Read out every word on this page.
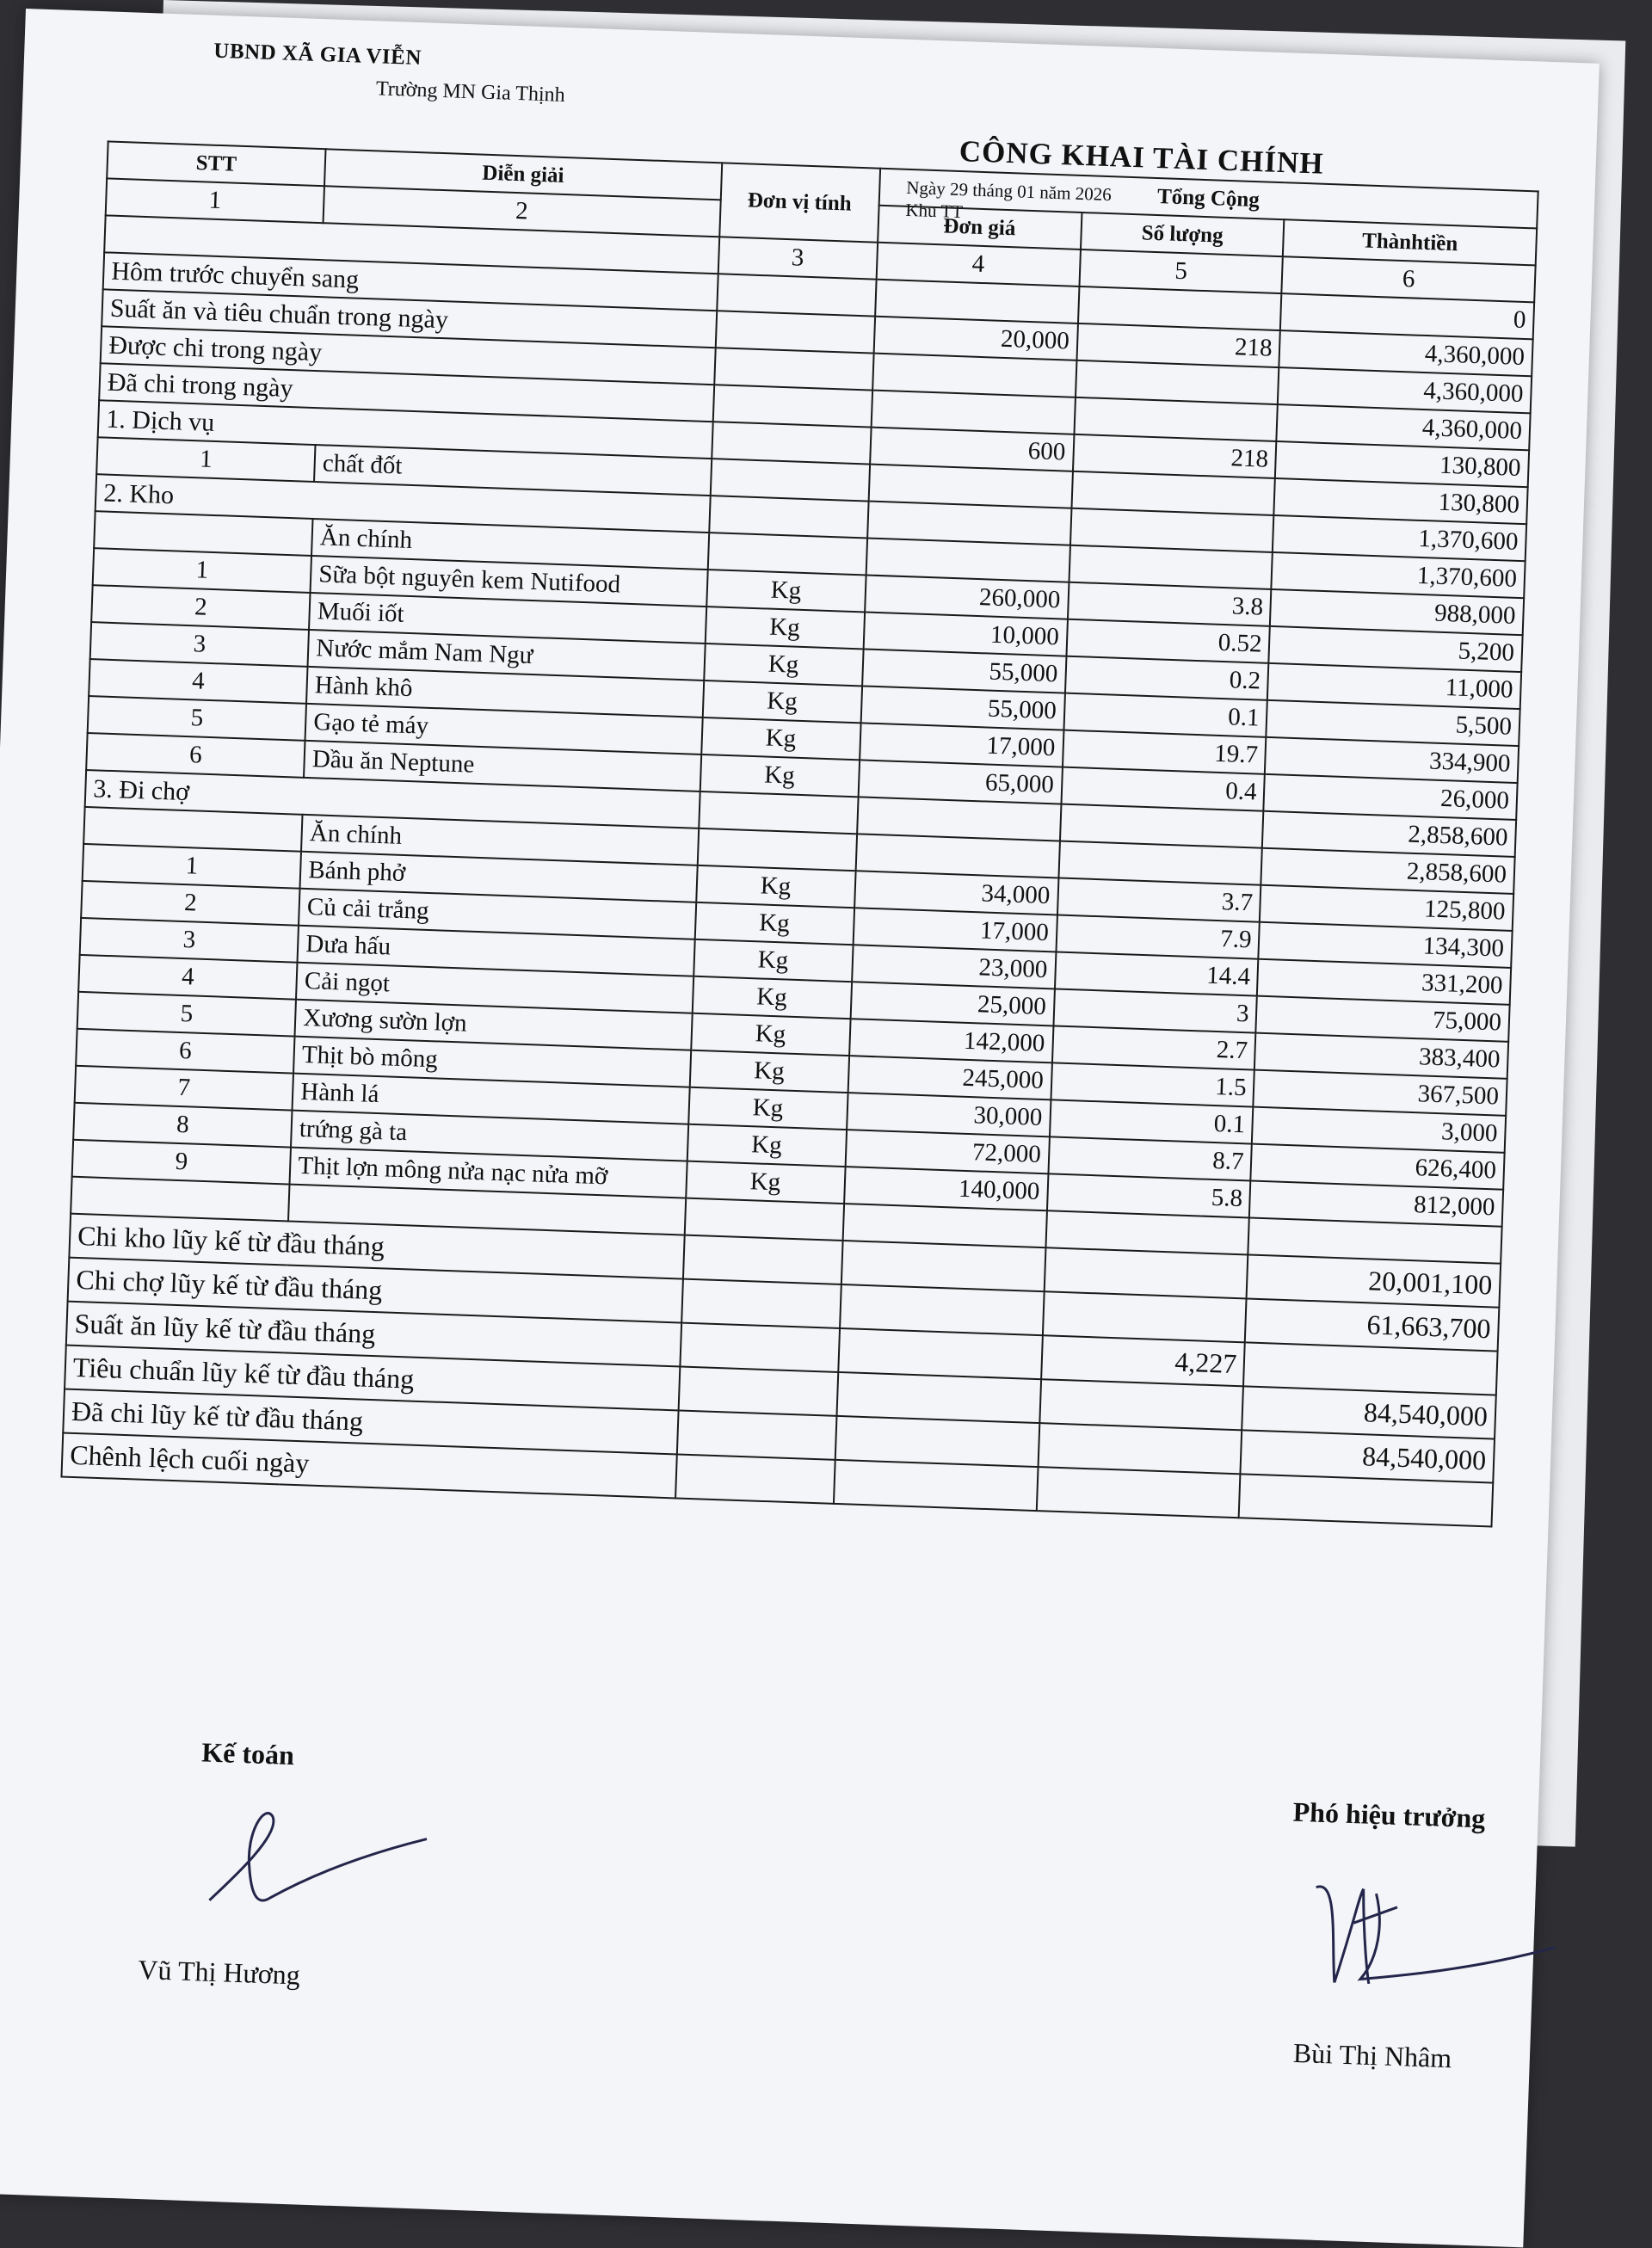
UBND XÃ GIA VIỄN
Trường MN Gia Thịnh
CÔNG KHAI TÀI CHÍNH
Ngày 29 tháng 01 năm 2026
Khu TT
STT	Diễn giải	Đơn vị tính	Tổng Cộng		
1	2		Đơn giá	Số lượng	Thànhtiền
		3	4	5	6
Hôm trước chuyển sang					0
Suất ăn và tiêu chuẩn trong ngày			20,000	218	4,360,000
Được chi trong ngày					4,360,000
Đã chi trong ngày					4,360,000
1. Dịch vụ			600	218	130,800
1	chất đốt				130,800
2. Kho					1,370,600
	Ăn chính				1,370,600
1	Sữa bột nguyên kem Nutifood	Kg	260,000	3.8	988,000
2	Muối iốt	Kg	10,000	0.52	5,200
3	Nước mắm Nam Ngư	Kg	55,000	0.2	11,000
4	Hành khô	Kg	55,000	0.1	5,500
5	Gạo tẻ máy	Kg	17,000	19.7	334,900
6	Dầu ăn Neptune	Kg	65,000	0.4	26,000
3. Đi chợ					2,858,600
	Ăn chính				2,858,600
1	Bánh phở	Kg	34,000	3.7	125,800
2	Củ cải trắng	Kg	17,000	7.9	134,300
3	Dưa hấu	Kg	23,000	14.4	331,200
4	Cải ngọt	Kg	25,000	3	75,000
5	Xương sườn lợn	Kg	142,000	2.7	383,400
6	Thịt bò mông	Kg	245,000	1.5	367,500
7	Hành lá	Kg	30,000	0.1	3,000
8	trứng gà ta	Kg	72,000	8.7	626,400
9	Thịt lợn mông nửa nạc nửa mỡ	Kg	140,000	5.8	812,000

Chi kho lũy kế từ đầu tháng					20,001,100
Chi chợ lũy kế từ đầu tháng					61,663,700
Suất ăn lũy kế từ đầu tháng				4,227	
Tiêu chuẩn lũy kế từ đầu tháng					84,540,000
Đã chi lũy kế từ đầu tháng					84,540,000
Chênh lệch cuối ngày					
Kế toán
Vũ Thị Hương
Phó hiệu trưởng
Bùi Thị Nhâm
